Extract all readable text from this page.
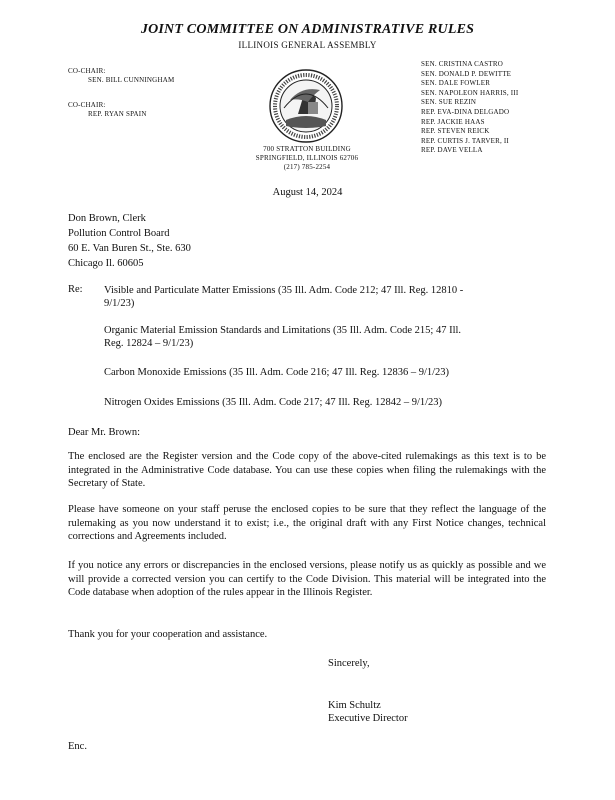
JOINT COMMITTEE ON ADMINISTRATIVE RULES
ILLINOIS GENERAL ASSEMBLY
CO-CHAIR:
SEN. BILL CUNNINGHAM
CO-CHAIR:
REP. RYAN SPAIN
700 STRATTON BUILDING
SPRINGFIELD, ILLINOIS 62706
(217) 785-2254
SEN. CRISTINA CASTRO
SEN. DONALD P. DEWITTE
SEN. DALE FOWLER
SEN. NAPOLEON HARRIS, III
SEN. SUE REZIN
REP. EVA-DINA DELGADO
REP. JACKIE HAAS
REP. STEVEN REICK
REP. CURTIS J. TARVER, II
REP. DAVE VELLA
August 14, 2024
Don Brown, Clerk
Pollution Control Board
60 E. Van Buren St., Ste. 630
Chicago Il. 60605
Re: Visible and Particulate Matter Emissions (35 Ill. Adm. Code 212; 47 Ill. Reg. 12810 -
9/1/23)
Organic Material Emission Standards and Limitations (35 Ill. Adm. Code 215; 47 Ill.
Reg. 12824 – 9/1/23)
Carbon Monoxide Emissions (35 Ill. Adm. Code 216; 47 Ill. Reg. 12836 – 9/1/23)
Nitrogen Oxides Emissions (35 Ill. Adm. Code 217; 47 Ill. Reg. 12842 – 9/1/23)
Dear Mr. Brown:
The enclosed are the Register version and the Code copy of the above-cited rulemakings as this text is to be integrated in the Administrative Code database. You can use these copies when filing the rulemakings with the Secretary of State.
Please have someone on your staff peruse the enclosed copies to be sure that they reflect the language of the rulemaking as you now understand it to exist; i.e., the original draft with any First Notice changes, technical corrections and Agreements included.
If you notice any errors or discrepancies in the enclosed versions, please notify us as quickly as possible and we will provide a corrected version you can certify to the Code Division. This material will be integrated into the Code database when adoption of the rules appear in the Illinois Register.
Thank you for your cooperation and assistance.
Sincerely,
Kim Schultz
Executive Director
Enc.
